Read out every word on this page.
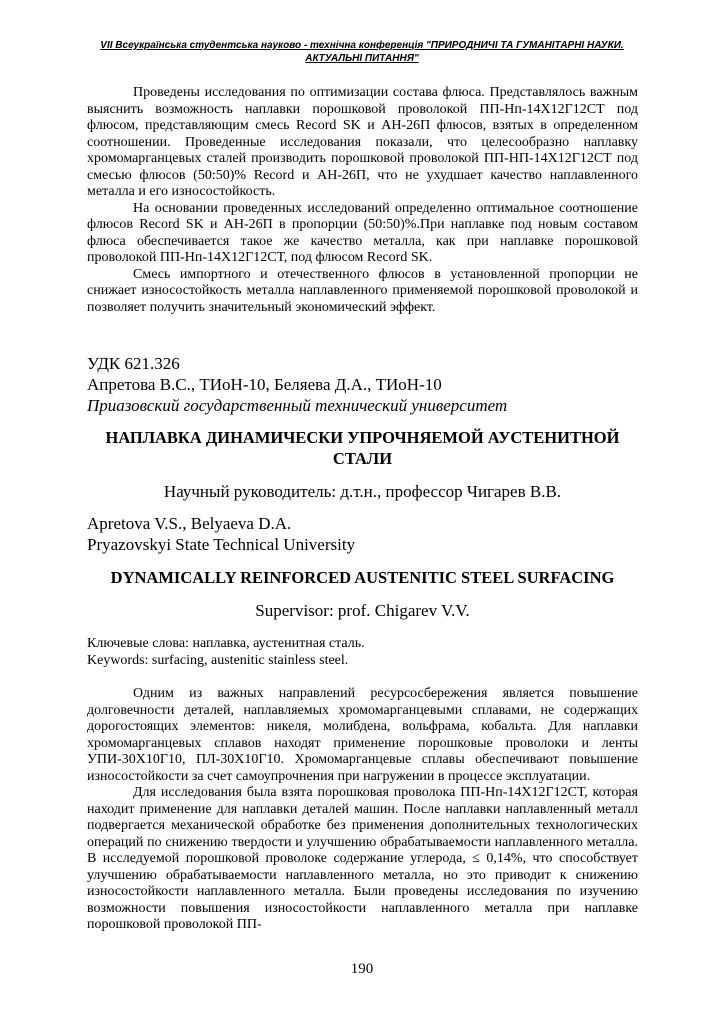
VII Всеукраїнська студентська науково - технічна конференція "ПРИРОДНИЧІ ТА ГУМАНІТАРНІ НАУКИ.
АКТУАЛЬНІ ПИТАННЯ"

Проведены исследования по оптимизации состава флюса. Представлялось важным выяснить возможность наплавки порошковой проволокой ПП-Нп-14Х12Г12СТ под флюсом, представляющим смесь Record SK и АН-26П флюсов, взятых в определенном соотношении. Проведенные исследования показали, что целесообразно наплавку хромомарганцевых сталей производить порошковой проволокой ПП-НП-14Х12Г12СТ под смесью флюсов (50:50)% Record и АН-26П, что не ухудшает качество наплавленного металла и его износостойкость.

На основании проведенных исследований определенно оптимальное соотношение флюсов Record SK и АН-26П в пропорции (50:50)%.При наплавке под новым составом флюса обеспечивается такое же качество металла, как при наплавке порошковой проволокой ПП-Нп-14Х12Г12СТ, под флюсом Record SK.

Смесь импортного и отечественного флюсов в установленной пропорции не снижает износостойкость металла наплавленного применяемой порошковой проволокой и позволяет получить значительный экономический эффект.

УДК 621.326

Апретова В.С., ТИоН-10, Беляева Д.А., ТИоН-10

Приазовский государственный технический университет

НАПЛАВКА ДИНАМИЧЕСКИ УПРОЧНЯЕМОЙ АУСТЕНИТНОЙ
СТАЛИ

Научный руководитель: д.т.н., профессор Чигарев В.В.

Apretova V.S., Belyaeva D.A.

Pryazovskyi State Technical University

DYNAMICALLY REINFORCED AUSTENITIC STEEL SURFACING

Supervisor: prof. Chigarev V.V.

Ключевые слова: наплавка, аустенитная сталь.

Keywords: surfacing, austenitic stainless steel.

Одним из важных направлений ресурсосбережения является повышение долговечности деталей, наплавляемых хромомарганцевыми сплавами, не содержащих дорогостоящих элементов: никеля, молибдена, вольфрама, кобальта. Для наплавки хромомарганцевых сплавов находят применение порошковые проволоки и ленты УПИ-30Х10Г10, ПЛ-30Х10Г10. Хромомарганцевые сплавы обеспечивают повышение износостойкости за счет самоупрочнения при нагружении в процессе эксплуатации.

Для исследования была взята порошковая проволока ПП-Нп-14Х12Г12СТ, которая находит применение для наплавки деталей машин. После наплавки наплавленный металл подвергается механической обработке без применения дополнительных технологических операций по снижению твердости и улучшению обрабатываемости наплавленного металла. В исследуемой порошковой проволоке содержание углерода, ≤ 0,14%, что способствует улучшению обрабатываемости наплавленного металла, но это приводит к снижению износостойкости наплавленного металла. Были проведены исследования по изучению возможности повышения износостойкости наплавленного металла при наплавке порошковой проволокой ПП-

190
